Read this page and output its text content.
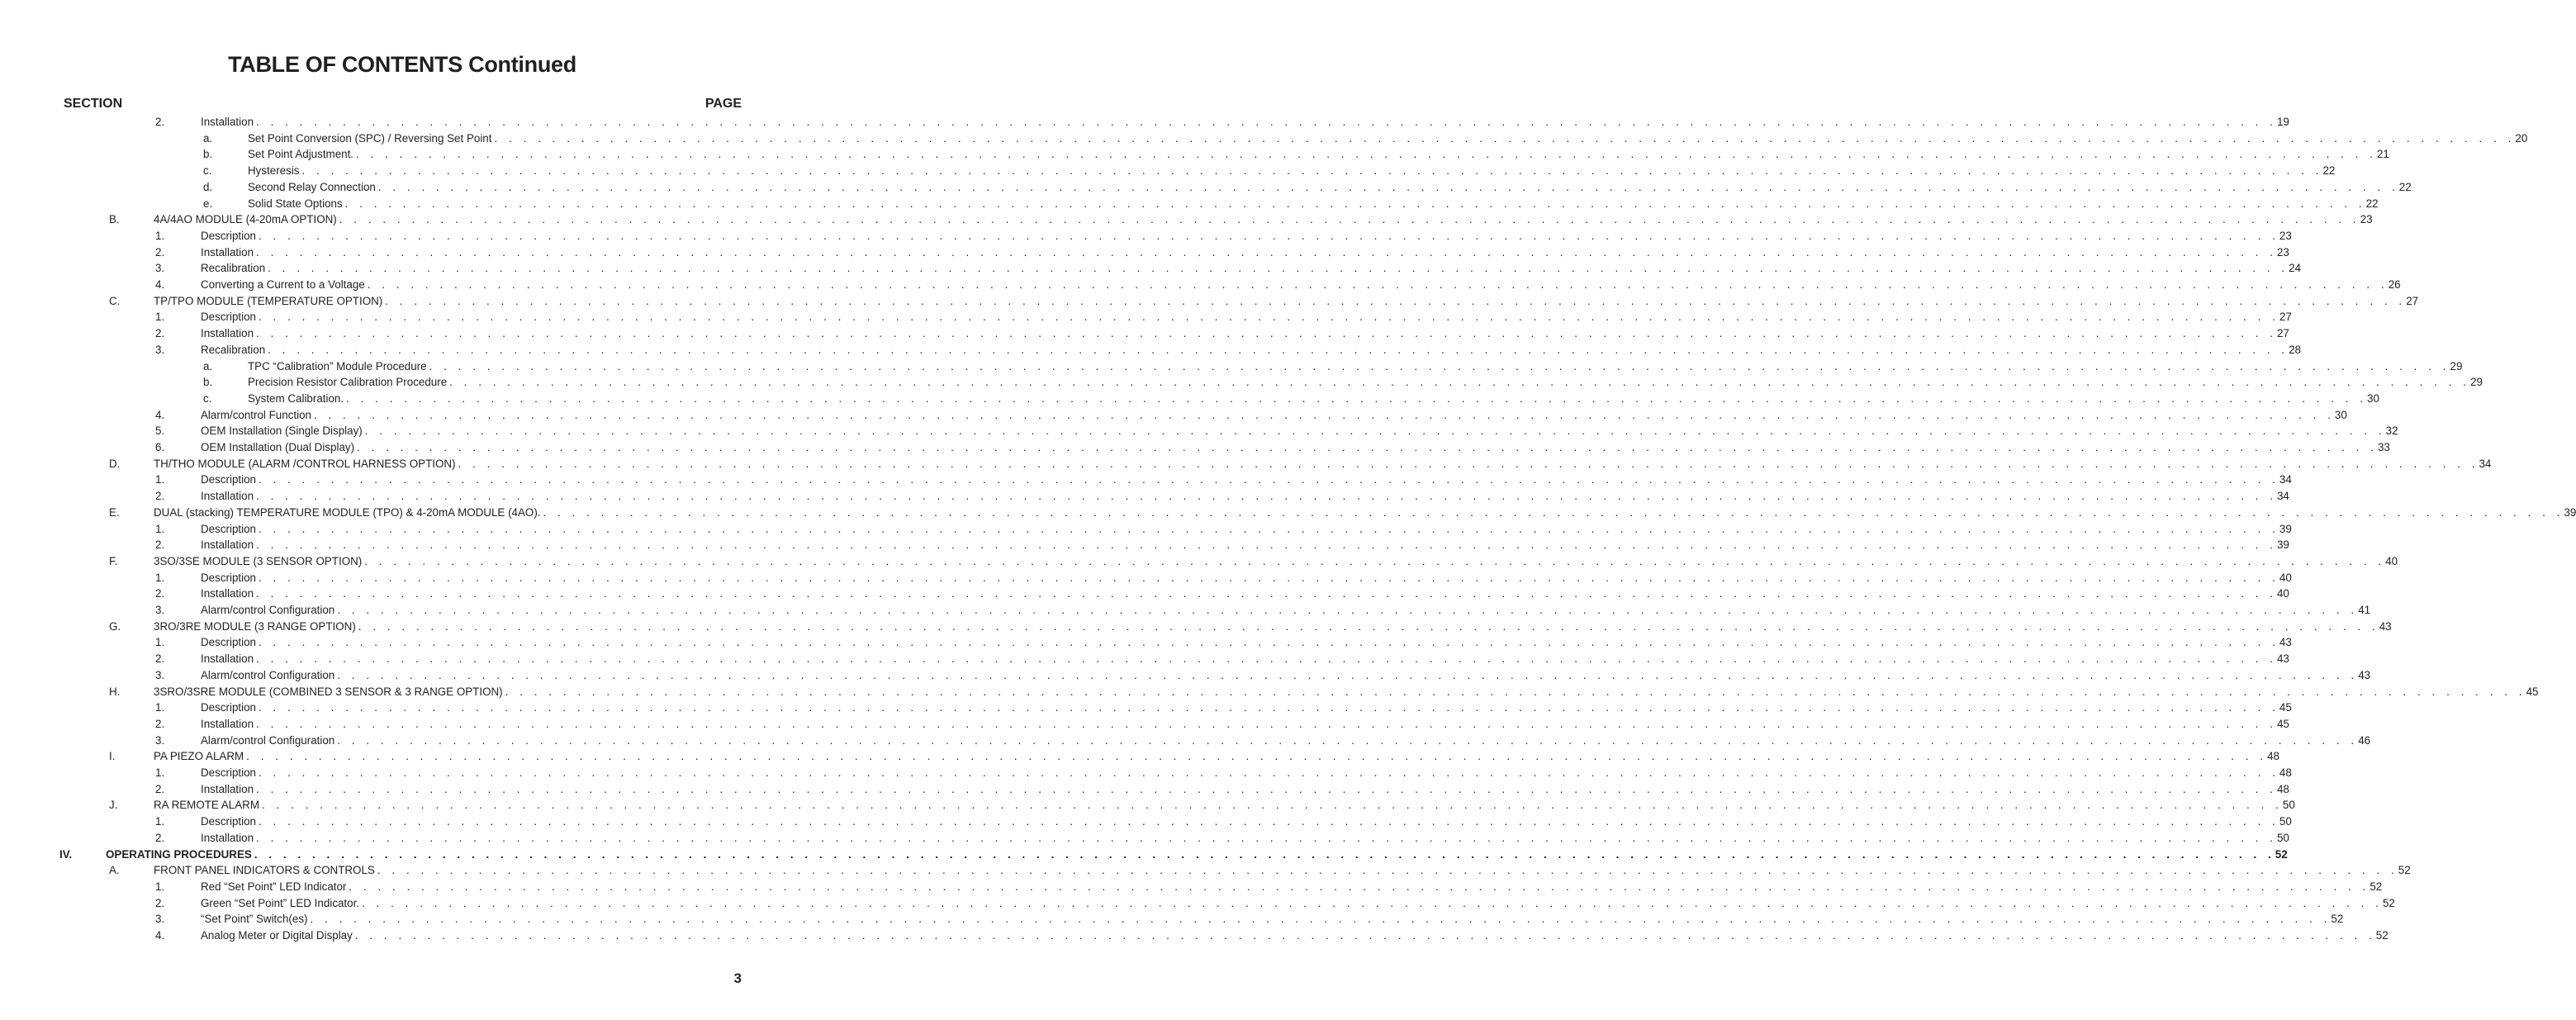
TABLE OF CONTENTS Continued
SECTION	PAGE
2.	Installation . . . . . . . . . . . . . . . . . . . . . . . . . . . . . . . . . . . . . . . . . . . . . . . . . . . . . . . . . . . . . . . . . . . . . . . . . . . . . . . . . . . . . . . . . . . . . . . . . . . . . . . . . . . . . . . . . . . . . . . . . . . . . . . . . . . . . . . . . . . . 19
a.	Set Point Conversion (SPC) / Reversing Set Point . . . . . . . . . . . . . . . . . . . . . . . . . . . . . . . . . . . . . . . . . . . . . . . . . . . . . . . . . . . . . . . . . . . . . . . . . . . . . . . . . . . . . . . . . . . . . . . . . . . . . . . . . . . . . . . . . . . . . . . . . . . . . . . . . . . . . . . . . . . . 20
b.	Set Point Adjustment. . . . . . . . . . . . . . . . . . . . . . . . . . . . . . . . . . . . . . . . . . . . . . . . . . . . . . . . . . . . . . . . . . . . . . . . . . . . . . . . . . . . . . . . . . . . . . . . . . . . . . . . . . . . . . . . . . . . . . . . . . . . . . . . . . . . . . . . . . . . . 21
c.	Hysteresis . . . . . . . . . . . . . . . . . . . . . . . . . . . . . . . . . . . . . . . . . . . . . . . . . . . . . . . . . . . . . . . . . . . . . . . . . . . . . . . . . . . . . . . . . . . . . . . . . . . . . . . . . . . . . . . . . . . . . . . . . . . . . . . . . . . . . . . . . . . . 22
d.	Second Relay Connection . . . . . . . . . . . . . . . . . . . . . . . . . . . . . . . . . . . . . . . . . . . . . . . . . . . . . . . . . . . . . . . . . . . . . . . . . . . . . . . . . . . . . . . . . . . . . . . . . . . . . . . . . . . . . . . . . . . . . . . . . . . . . . . . . . . . . . . . . . . . 22
e.	Solid State Options . . . . . . . . . . . . . . . . . . . . . . . . . . . . . . . . . . . . . . . . . . . . . . . . . . . . . . . . . . . . . . . . . . . . . . . . . . . . . . . . . . . . . . . . . . . . . . . . . . . . . . . . . . . . . . . . . . . . . . . . . . . . . . . . . . . . . . . . . . . . 22
B.	4A/4AO MODULE (4-20mA OPTION) . . . . . . . . . . . . . . . . . . . . . . . . . . . . . . . . . . . . . . . . . . . . . . . . . . . . . . . . . . . . . . . . . . . . . . . . . . . . . . . . . . . . . . . . . . . . . . . . . . . . . . . . . . . . . . . . . . . . . . . . . . . . . . . . . . . . . . . . . . . . 23
1.	Description . . . . . . . . . . . . . . . . . . . . . . . . . . . . . . . . . . . . . . . . . . . . . . . . . . . . . . . . . . . . . . . . . . . . . . . . . . . . . . . . . . . . . . . . . . . . . . . . . . . . . . . . . . . . . . . . . . . . . . . . . . . . . . . . . . . . . . . . . . . . 23
2.	Installation . . . . . . . . . . . . . . . . . . . . . . . . . . . . . . . . . . . . . . . . . . . . . . . . . . . . . . . . . . . . . . . . . . . . . . . . . . . . . . . . . . . . . . . . . . . . . . . . . . . . . . . . . . . . . . . . . . . . . . . . . . . . . . . . . . . . . . . . . . . . 23
3.	Recalibration . . . . . . . . . . . . . . . . . . . . . . . . . . . . . . . . . . . . . . . . . . . . . . . . . . . . . . . . . . . . . . . . . . . . . . . . . . . . . . . . . . . . . . . . . . . . . . . . . . . . . . . . . . . . . . . . . . . . . . . . . . . . . . . . . . . . . . . . . . . . 24
4.	Converting a Current to a Voltage . . . . . . . . . . . . . . . . . . . . . . . . . . . . . . . . . . . . . . . . . . . . . . . . . . . . . . . . . . . . . . . . . . . . . . . . . . . . . . . . . . . . . . . . . . . . . . . . . . . . . . . . . . . . . . . . . . . . . . . . . . . . . . . . . . . . . . . . . . . . 26
C.	TP/TPO MODULE (TEMPERATURE OPTION) . . . . . . . . . . . . . . . . . . . . . . . . . . . . . . . . . . . . . . . . . . . . . . . . . . . . . . . . . . . . . . . . . . . . . . . . . . . . . . . . . . . . . . . . . . . . . . . . . . . . . . . . . . . . . . . . . . . . . . . . . . . . . . . . . . . . . . . . . . . . 27
1.	Description . . . . . . . . . . . . . . . . . . . . . . . . . . . . . . . . . . . . . . . . . . . . . . . . . . . . . . . . . . . . . . . . . . . . . . . . . . . . . . . . . . . . . . . . . . . . . . . . . . . . . . . . . . . . . . . . . . . . . . . . . . . . . . . . . . . . . . . . . . . . 27
2.	Installation . . . . . . . . . . . . . . . . . . . . . . . . . . . . . . . . . . . . . . . . . . . . . . . . . . . . . . . . . . . . . . . . . . . . . . . . . . . . . . . . . . . . . . . . . . . . . . . . . . . . . . . . . . . . . . . . . . . . . . . . . . . . . . . . . . . . . . . . . . . . 27
3.	Recalibration . . . . . . . . . . . . . . . . . . . . . . . . . . . . . . . . . . . . . . . . . . . . . . . . . . . . . . . . . . . . . . . . . . . . . . . . . . . . . . . . . . . . . . . . . . . . . . . . . . . . . . . . . . . . . . . . . . . . . . . . . . . . . . . . . . . . . . . . . . . . 28
a.	TPC “Calibration” Module Procedure . . . . . . . . . . . . . . . . . . . . . . . . . . . . . . . . . . . . . . . . . . . . . . . . . . . . . . . . . . . . . . . . . . . . . . . . . . . . . . . . . . . . . . . . . . . . . . . . . . . . . . . . . . . . . . . . . . . . . . . . . . . . . . . . . . . . . . . . . . . . 29
b.	Precision Resistor Calibration Procedure . . . . . . . . . . . . . . . . . . . . . . . . . . . . . . . . . . . . . . . . . . . . . . . . . . . . . . . . . . . . . . . . . . . . . . . . . . . . . . . . . . . . . . . . . . . . . . . . . . . . . . . . . . . . . . . . . . . . . . . . . . . . . . . . . . . . . . . . . . . . 29
c.	System Calibration. . . . . . . . . . . . . . . . . . . . . . . . . . . . . . . . . . . . . . . . . . . . . . . . . . . . . . . . . . . . . . . . . . . . . . . . . . . . . . . . . . . . . . . . . . . . . . . . . . . . . . . . . . . . . . . . . . . . . . . . . . . . . . . . . . . . . . . . . . . . . 30
4.	Alarm/control Function . . . . . . . . . . . . . . . . . . . . . . . . . . . . . . . . . . . . . . . . . . . . . . . . . . . . . . . . . . . . . . . . . . . . . . . . . . . . . . . . . . . . . . . . . . . . . . . . . . . . . . . . . . . . . . . . . . . . . . . . . . . . . . . . . . . . . . . . . . . . 30
5.	OEM Installation (Single Display) . . . . . . . . . . . . . . . . . . . . . . . . . . . . . . . . . . . . . . . . . . . . . . . . . . . . . . . . . . . . . . . . . . . . . . . . . . . . . . . . . . . . . . . . . . . . . . . . . . . . . . . . . . . . . . . . . . . . . . . . . . . . . . . . . . . . . . . . . . . . 32
6.	OEM Installation (Dual Display) . . . . . . . . . . . . . . . . . . . . . . . . . . . . . . . . . . . . . . . . . . . . . . . . . . . . . . . . . . . . . . . . . . . . . . . . . . . . . . . . . . . . . . . . . . . . . . . . . . . . . . . . . . . . . . . . . . . . . . . . . . . . . . . . . . . . . . . . . . . . 33
D.	TH/THO MODULE (ALARM /CONTROL HARNESS OPTION) . . . . . . . . . . . . . . . . . . . . . . . . . . . . . . . . . . . . . . . . . . . . . . . . . . . . . . . . . . . . . . . . . . . . . . . . . . . . . . . . . . . . . . . . . . . . . . . . . . . . . . . . . . . . . . . . . . . . . . . . . . . . . . . . . . . . . . . . . . . . 34
1.	Description . . . . . . . . . . . . . . . . . . . . . . . . . . . . . . . . . . . . . . . . . . . . . . . . . . . . . . . . . . . . . . . . . . . . . . . . . . . . . . . . . . . . . . . . . . . . . . . . . . . . . . . . . . . . . . . . . . . . . . . . . . . . . . . . . . . . . . . . . . . . 34
2.	Installation . . . . . . . . . . . . . . . . . . . . . . . . . . . . . . . . . . . . . . . . . . . . . . . . . . . . . . . . . . . . . . . . . . . . . . . . . . . . . . . . . . . . . . . . . . . . . . . . . . . . . . . . . . . . . . . . . . . . . . . . . . . . . . . . . . . . . . . . . . . . 34
E.	DUAL (stacking) TEMPERATURE MODULE (TPO) & 4-20mA MODULE (4AO). . . . . . . . . . . . . . . . . . . . . . . . . . . . . . . . . . . . . . . . . . . . . . . . . . . . . . . . . . . . . . . . . . . . . . . . . . . . . . . . . . . . . . . . . . . . . . . . . . . . . . . . . . . . . . . . . . . . . . . . . . . . . . . . . . . . . . . . . . . . . 39
1.	Description . . . . . . . . . . . . . . . . . . . . . . . . . . . . . . . . . . . . . . . . . . . . . . . . . . . . . . . . . . . . . . . . . . . . . . . . . . . . . . . . . . . . . . . . . . . . . . . . . . . . . . . . . . . . . . . . . . . . . . . . . . . . . . . . . . . . . . . . . . . . 39
2.	Installation . . . . . . . . . . . . . . . . . . . . . . . . . . . . . . . . . . . . . . . . . . . . . . . . . . . . . . . . . . . . . . . . . . . . . . . . . . . . . . . . . . . . . . . . . . . . . . . . . . . . . . . . . . . . . . . . . . . . . . . . . . . . . . . . . . . . . . . . . . . . 39
F.	3SO/3SE MODULE (3 SENSOR OPTION) . . . . . . . . . . . . . . . . . . . . . . . . . . . . . . . . . . . . . . . . . . . . . . . . . . . . . . . . . . . . . . . . . . . . . . . . . . . . . . . . . . . . . . . . . . . . . . . . . . . . . . . . . . . . . . . . . . . . . . . . . . . . . . . . . . . . . . . . . . . . 40
1.	Description . . . . . . . . . . . . . . . . . . . . . . . . . . . . . . . . . . . . . . . . . . . . . . . . . . . . . . . . . . . . . . . . . . . . . . . . . . . . . . . . . . . . . . . . . . . . . . . . . . . . . . . . . . . . . . . . . . . . . . . . . . . . . . . . . . . . . . . . . . . . 40
2.	Installation . . . . . . . . . . . . . . . . . . . . . . . . . . . . . . . . . . . . . . . . . . . . . . . . . . . . . . . . . . . . . . . . . . . . . . . . . . . . . . . . . . . . . . . . . . . . . . . . . . . . . . . . . . . . . . . . . . . . . . . . . . . . . . . . . . . . . . . . . . . . 40
3.	Alarm/control Configuration . . . . . . . . . . . . . . . . . . . . . . . . . . . . . . . . . . . . . . . . . . . . . . . . . . . . . . . . . . . . . . . . . . . . . . . . . . . . . . . . . . . . . . . . . . . . . . . . . . . . . . . . . . . . . . . . . . . . . . . . . . . . . . . . . . . . . . . . . . . . 41
G.	3RO/3RE MODULE (3 RANGE OPTION) . . . . . . . . . . . . . . . . . . . . . . . . . . . . . . . . . . . . . . . . . . . . . . . . . . . . . . . . . . . . . . . . . . . . . . . . . . . . . . . . . . . . . . . . . . . . . . . . . . . . . . . . . . . . . . . . . . . . . . . . . . . . . . . . . . . . . . . . . . . . 43
1.	Description . . . . . . . . . . . . . . . . . . . . . . . . . . . . . . . . . . . . . . . . . . . . . . . . . . . . . . . . . . . . . . . . . . . . . . . . . . . . . . . . . . . . . . . . . . . . . . . . . . . . . . . . . . . . . . . . . . . . . . . . . . . . . . . . . . . . . . . . . . . . 43
2.	Installation . . . . . . . . . . . . . . . . . . . . . . . . . . . . . . . . . . . . . . . . . . . . . . . . . . . . . . . . . . . . . . . . . . . . . . . . . . . . . . . . . . . . . . . . . . . . . . . . . . . . . . . . . . . . . . . . . . . . . . . . . . . . . . . . . . . . . . . . . . . . 43
3.	Alarm/control Configuration . . . . . . . . . . . . . . . . . . . . . . . . . . . . . . . . . . . . . . . . . . . . . . . . . . . . . . . . . . . . . . . . . . . . . . . . . . . . . . . . . . . . . . . . . . . . . . . . . . . . . . . . . . . . . . . . . . . . . . . . . . . . . . . . . . . . . . . . . . . . 43
H.	3SRO/3SRE MODULE (COMBINED 3 SENSOR & 3 RANGE OPTION) . . . . . . . . . . . . . . . . . . . . . . . . . . . . . . . . . . . . . . . . . . . . . . . . . . . . . . . . . . . . . . . . . . . . . . . . . . . . . . . . . . . . . . . . . . . . . . . . . . . . . . . . . . . . . . . . . . . . . . . . . . . . . . . . . . . . . . . . . . . . 45
1.	Description . . . . . . . . . . . . . . . . . . . . . . . . . . . . . . . . . . . . . . . . . . . . . . . . . . . . . . . . . . . . . . . . . . . . . . . . . . . . . . . . . . . . . . . . . . . . . . . . . . . . . . . . . . . . . . . . . . . . . . . . . . . . . . . . . . . . . . . . . . . . 45
2.	Installation . . . . . . . . . . . . . . . . . . . . . . . . . . . . . . . . . . . . . . . . . . . . . . . . . . . . . . . . . . . . . . . . . . . . . . . . . . . . . . . . . . . . . . . . . . . . . . . . . . . . . . . . . . . . . . . . . . . . . . . . . . . . . . . . . . . . . . . . . . . . 45
3.	Alarm/control Configuration . . . . . . . . . . . . . . . . . . . . . . . . . . . . . . . . . . . . . . . . . . . . . . . . . . . . . . . . . . . . . . . . . . . . . . . . . . . . . . . . . . . . . . . . . . . . . . . . . . . . . . . . . . . . . . . . . . . . . . . . . . . . . . . . . . . . . . . . . . . . 46
I.	PA PIEZO ALARM . . . . . . . . . . . . . . . . . . . . . . . . . . . . . . . . . . . . . . . . . . . . . . . . . . . . . . . . . . . . . . . . . . . . . . . . . . . . . . . . . . . . . . . . . . . . . . . . . . . . . . . . . . . . . . . . . . . . . . . . . . . . . . . . . . . . . . . . . . . . 48
1.	Description . . . . . . . . . . . . . . . . . . . . . . . . . . . . . . . . . . . . . . . . . . . . . . . . . . . . . . . . . . . . . . . . . . . . . . . . . . . . . . . . . . . . . . . . . . . . . . . . . . . . . . . . . . . . . . . . . . . . . . . . . . . . . . . . . . . . . . . . . . . . 48
2.	Installation . . . . . . . . . . . . . . . . . . . . . . . . . . . . . . . . . . . . . . . . . . . . . . . . . . . . . . . . . . . . . . . . . . . . . . . . . . . . . . . . . . . . . . . . . . . . . . . . . . . . . . . . . . . . . . . . . . . . . . . . . . . . . . . . . . . . . . . . . . . . 48
J.	RA REMOTE ALARM . . . . . . . . . . . . . . . . . . . . . . . . . . . . . . . . . . . . . . . . . . . . . . . . . . . . . . . . . . . . . . . . . . . . . . . . . . . . . . . . . . . . . . . . . . . . . . . . . . . . . . . . . . . . . . . . . . . . . . . . . . . . . . . . . . . . . . . . . . . . 50
1.	Description . . . . . . . . . . . . . . . . . . . . . . . . . . . . . . . . . . . . . . . . . . . . . . . . . . . . . . . . . . . . . . . . . . . . . . . . . . . . . . . . . . . . . . . . . . . . . . . . . . . . . . . . . . . . . . . . . . . . . . . . . . . . . . . . . . . . . . . . . . . . 50
2.	Installation . . . . . . . . . . . . . . . . . . . . . . . . . . . . . . . . . . . . . . . . . . . . . . . . . . . . . . . . . . . . . . . . . . . . . . . . . . . . . . . . . . . . . . . . . . . . . . . . . . . . . . . . . . . . . . . . . . . . . . . . . . . . . . . . . . . . . . . . . . . . 50
IV.	OPERATING PROCEDURES . . . . . . . . . . . . . . . . . . . . . . . . . . . . . . . . . . . . . . . . . . . . . . . . . . . . . . . . . . . . . . . . . . . . . . . . . . . . . . . . . . . . . . . . . . . . . . . . . . . . . . . . . . . . . . . . . . . . . . . . . . . . . . . . . . . . . . . . . . . . 52
A.	FRONT PANEL INDICATORS & CONTROLS . . . . . . . . . . . . . . . . . . . . . . . . . . . . . . . . . . . . . . . . . . . . . . . . . . . . . . . . . . . . . . . . . . . . . . . . . . . . . . . . . . . . . . . . . . . . . . . . . . . . . . . . . . . . . . . . . . . . . . . . . . . . . . . . . . . . . . . . . . . . 52
1.	Red “Set Point” LED Indicator . . . . . . . . . . . . . . . . . . . . . . . . . . . . . . . . . . . . . . . . . . . . . . . . . . . . . . . . . . . . . . . . . . . . . . . . . . . . . . . . . . . . . . . . . . . . . . . . . . . . . . . . . . . . . . . . . . . . . . . . . . . . . . . . . . . . . . . . . . . . 52
2.	Green “Set Point” LED Indicator. . . . . . . . . . . . . . . . . . . . . . . . . . . . . . . . . . . . . . . . . . . . . . . . . . . . . . . . . . . . . . . . . . . . . . . . . . . . . . . . . . . . . . . . . . . . . . . . . . . . . . . . . . . . . . . . . . . . . . . . . . . . . . . . . . . . . . . . . . . . . 52
3.	“Set Point” Switch(es) . . . . . . . . . . . . . . . . . . . . . . . . . . . . . . . . . . . . . . . . . . . . . . . . . . . . . . . . . . . . . . . . . . . . . . . . . . . . . . . . . . . . . . . . . . . . . . . . . . . . . . . . . . . . . . . . . . . . . . . . . . . . . . . . . . . . . . . . . . . . 52
4.	Analog Meter or Digital Display . . . . . . . . . . . . . . . . . . . . . . . . . . . . . . . . . . . . . . . . . . . . . . . . . . . . . . . . . . . . . . . . . . . . . . . . . . . . . . . . . . . . . . . . . . . . . . . . . . . . . . . . . . . . . . . . . . . . . . . . . . . . . . . . . . . . . . . . . . . . 52
3
